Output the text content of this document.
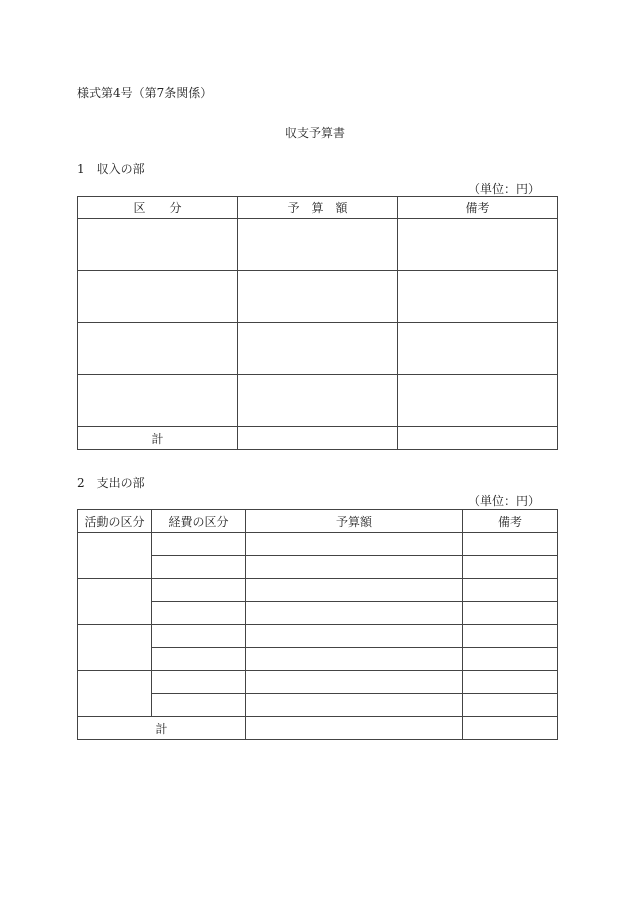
様式第4号（第7条関係）
収支予算書
1　収入の部
（単位：円）
区　　分	予　算　額	備考

計		
2　支出の部
（単位：円）
活動の区分	経費の区分	予算額	備考

計			
